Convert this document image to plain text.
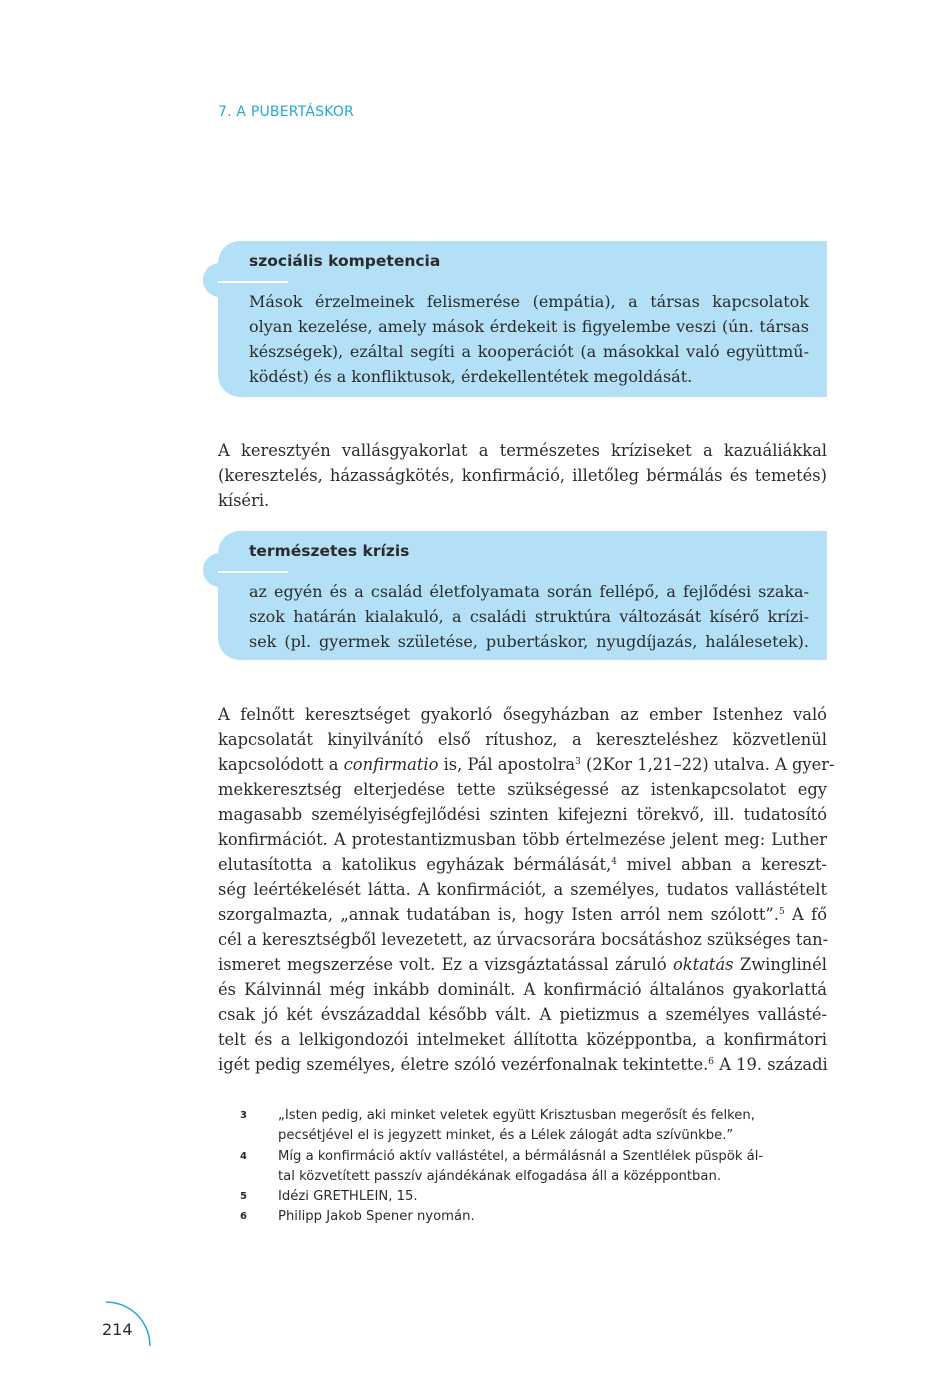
7. A PUBERTÁSKOR
szociális kompetencia
Mások érzelmeinek felismerése (empátia), a társas kapcsolatok
olyan kezelése, amely mások érdekeit is figyelembe veszi (ún. társas
készségek), ezáltal segíti a kooperációt (a másokkal való együttmű-
ködést) és a konfliktusok, érdekellentétek megoldását.
A keresztyén vallásgyakorlat a természetes kríziseket a kazuáliákkal
(keresztelés, házasságkötés, konfirmáció, illetőleg bérmálás és temetés)
kíséri.
természetes krízis
az egyén és a család életfolyamata során fellépő, a fejlődési szaka-
szok határán kialakuló, a családi struktúra változását kísérő krízi-
sek (pl. gyermek születése, pubertáskor, nyugdíjazás, halálesetek).
A felnőtt keresztséget gyakorló ősegyházban az ember Istenhez való
kapcsolatát kinyilvánító első rítushoz, a kereszteléshez közvetlenül
kapcsolódott a confirmatio is, Pál apostolra$^3$ (2Kor 1,21–22) utalva. A gyer-
mekkeresztség elterjedése tette szükségessé az istenkapcsolatot egy
magasabb személyiségfejlődési szinten kifejezni törekvő, ill. tudatosító
konfirmációt. A protestantizmusban több értelmezése jelent meg: Luther
elutasította a katolikus egyházak bérmálását,$^4$ mivel abban a kereszt-
ség leértékelését látta. A konfirmációt, a személyes, tudatos vallástételt
szorgalmazta, „annak tudatában is, hogy Isten arról nem szólott”.$^5$ A fő
cél a keresztségből levezetett, az úrvacsorára bocsátáshoz szükséges tan-
ismeret megszerzése volt. Ez a vizsgáztatással záruló oktatás Zwinglinél
és Kálvinnál még inkább dominált. A konfirmáció általános gyakorlattá
csak jó két évszázaddal később vált. A pietizmus a személyes vallásté-
telt és a lelkigondozói intelmeket állította középpontba, a konfirmátori
igét pedig személyes, életre szóló vezérfonalnak tekintette.$^6$ A 19. századi
3 „Isten pedig, aki minket veletek együtt Krisztusban megerősít és felken,
pecsétjével el is jegyzett minket, és a Lélek zálogát adta szívünkbe.”
4 Míg a konfirmáció aktív vallástétel, a bérmálásnál a Szentlélek püspök ál-
tal közvetített passzív ajándékának elfogadása áll a középpontban.
5 Idézi GRETHLEIN, 15.
6 Philipp Jakob Spener nyomán.
214
